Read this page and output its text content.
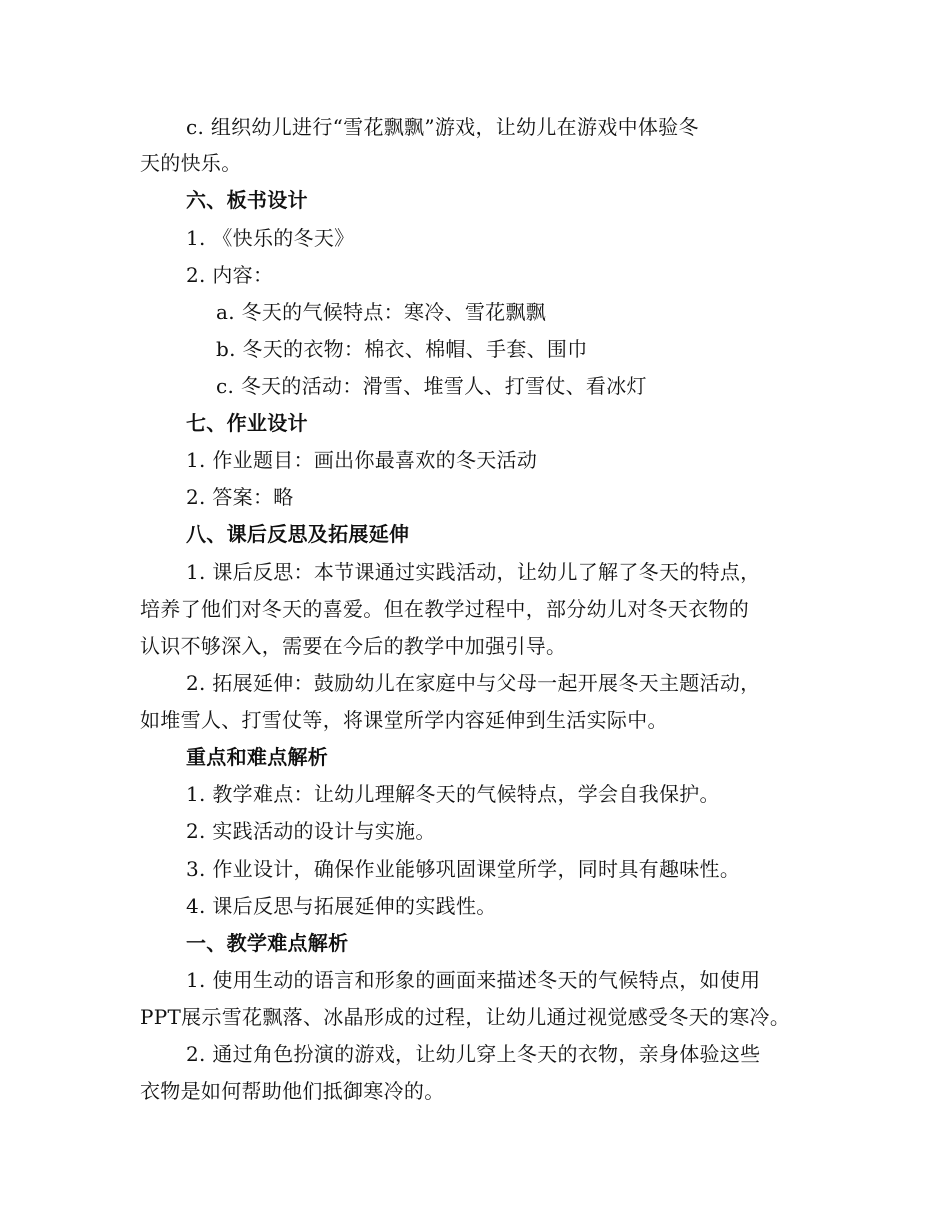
c. 组织幼儿进行“雪花飘飘”游戏，让幼儿在游戏中体验冬
天的快乐。
六、板书设计
1. 《快乐的冬天》
2. 内容：
a. 冬天的气候特点：寒冷、雪花飘飘
b. 冬天的衣物：棉衣、棉帽、手套、围巾
c. 冬天的活动：滑雪、堆雪人、打雪仗、看冰灯
七、作业设计
1. 作业题目：画出你最喜欢的冬天活动
2. 答案：略
八、课后反思及拓展延伸
1. 课后反思：本节课通过实践活动，让幼儿了解了冬天的特点，
培养了他们对冬天的喜爱。但在教学过程中，部分幼儿对冬天衣物的
认识不够深入，需要在今后的教学中加强引导。
2. 拓展延伸：鼓励幼儿在家庭中与父母一起开展冬天主题活动，
如堆雪人、打雪仗等，将课堂所学内容延伸到生活实际中。
重点和难点解析
1. 教学难点：让幼儿理解冬天的气候特点，学会自我保护。
2. 实践活动的设计与实施。
3. 作业设计，确保作业能够巩固课堂所学，同时具有趣味性。
4. 课后反思与拓展延伸的实践性。
一、教学难点解析
1. 使用生动的语言和形象的画面来描述冬天的气候特点，如使用
PPT展示雪花飘落、冰晶形成的过程，让幼儿通过视觉感受冬天的寒冷。
2. 通过角色扮演的游戏，让幼儿穿上冬天的衣物，亲身体验这些
衣物是如何帮助他们抵御寒冷的。
